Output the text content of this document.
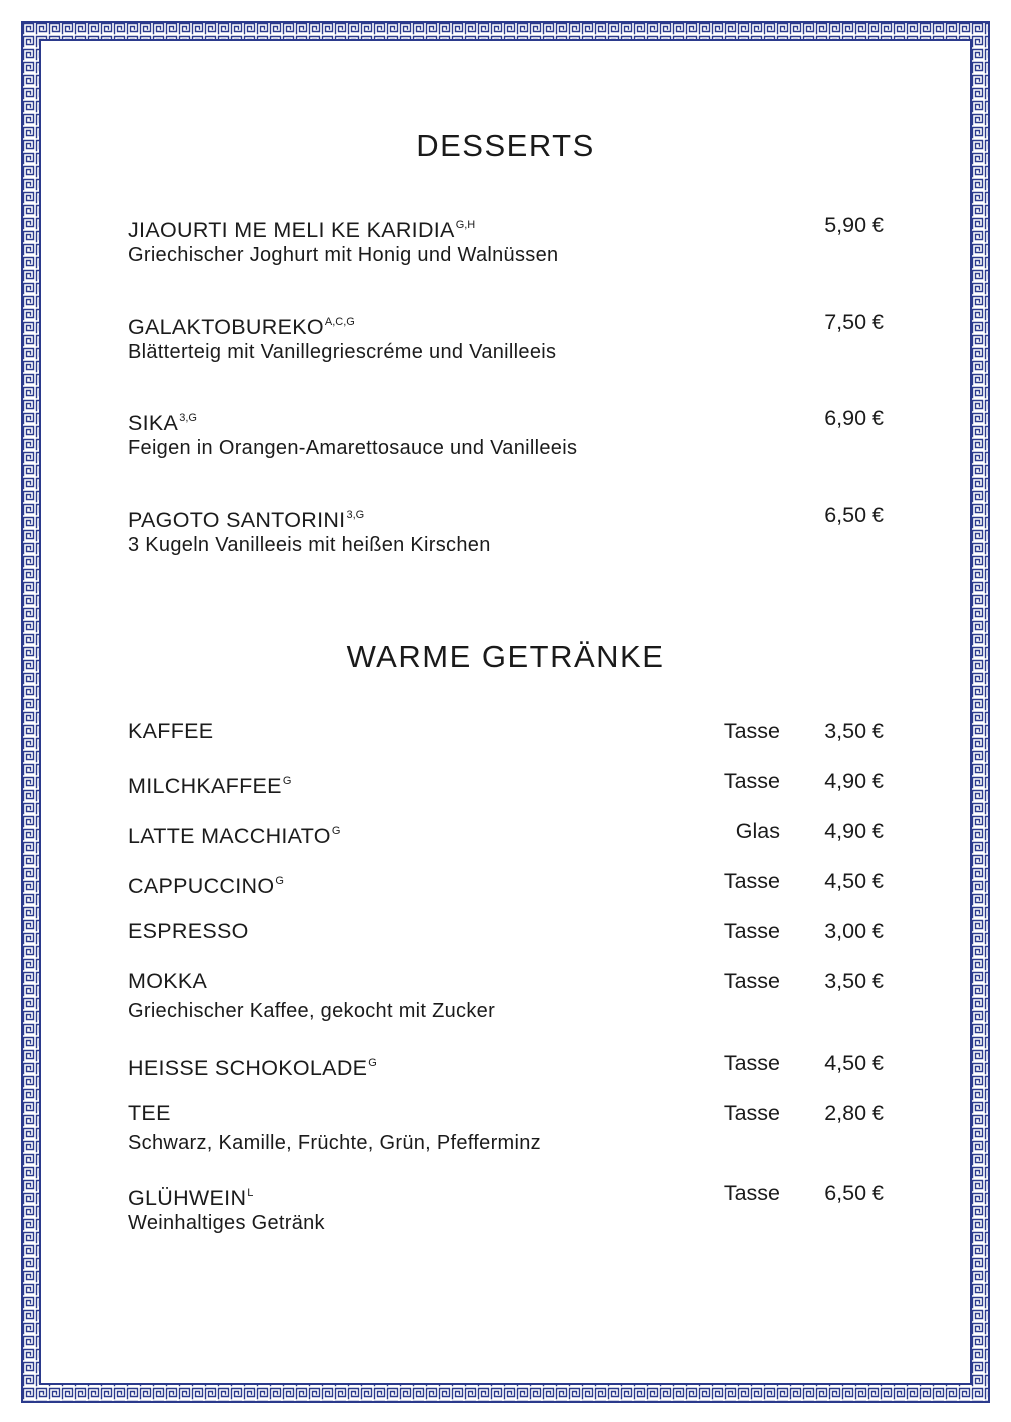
DESSERTS
JIAOURTI ME MELI KE $KARIDIA^{G,H}$	5,90 €
Griechischer Joghurt mit Honig und Walnüssen
$GALAKTOBUREKO^{A,C,G}$	7,50 €
Blätterteig mit Vanillegriescréme und Vanilleeis
$SIKA^{3,G}$	6,90 €
Feigen in Orangen-Amarettosauce und Vanilleeis
PAGOTO $SANTORINI^{3,G}$	6,50 €
3 Kugeln Vanilleeis mit heißen Kirschen
WARME GETRÄNKE
KAFFEE	Tasse 3,50 €
$MILCHKAFFEE^G$	Tasse 4,90 €
LATTE $MACCHIATO^G$	Glas 4,90 €
$CAPPUCCINO^G$	Tasse 4,50 €
ESPRESSO	Tasse 3,00 €
MOKKA	Tasse 3,50 €
Griechischer Kaffee, gekocht mit Zucker
HEISSE $SCHOKOLADE^G$	Tasse 4,50 €
TEE	Tasse 2,80 €
Schwarz, Kamille, Früchte, Grün, Pfefferminz
$GLÜHWEIN^L$	Tasse 6,50 €
Weinhaltiges Getränk
